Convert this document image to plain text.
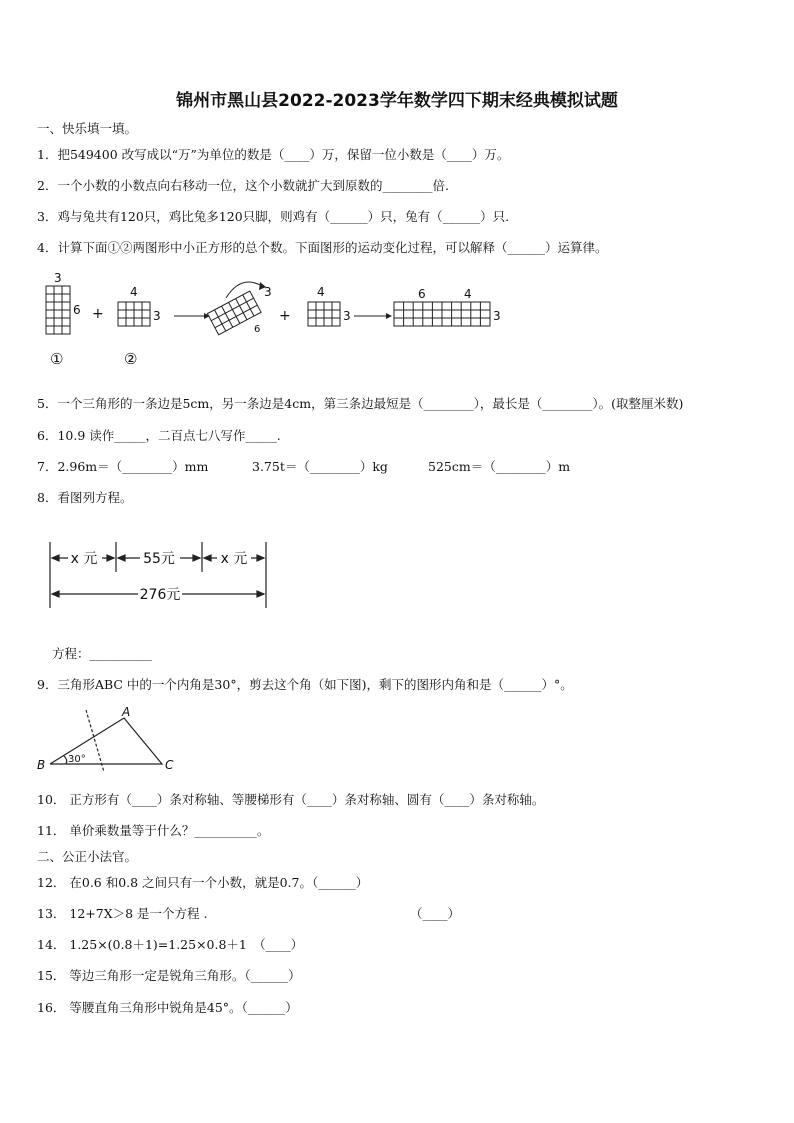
锦州市黑山县2022-2023学年数学四下期末经典模拟试题
一、快乐填一填。
1．把549400 改写成以“万”为单位的数是（____）万，保留一位小数是（____）万。
2．一个小数的小数点向右移动一位，这个小数就扩大到原数的________倍.
3．鸡与兔共有120只，鸡比兔多120只脚，则鸡有（______）只，兔有（______）只.
4．计算下面①②两图形中小正方形的总个数。下面图形的运动变化过程，可以解释（______）运算律。
3
6
①
+
4
3
②
3
6
+
4
3
6	4
3
5．一个三角形的一条边是5cm，另一条边是4cm，第三条边最短是（________），最长是（________）。(取整厘米数)
6．10.9 读作_____，二百点七八写作_____.
7．2.96m＝（________）mm	3.75t＝（________）kg	525cm＝（________）m
8．看图列方程。
x 元	55元	x 元
276元
方程：__________
9．三角形ABC 中的一个内角是30°，剪去这个角（如下图)，剩下的图形内角和是（______）°。
A
B	C
30°
10． 正方形有（____）条对称轴、等腰梯形有（____）条对称轴、圆有（____）条对称轴。
11． 单价乘数量等于什么？__________。
二、公正小法官。
12． 在0.6 和0.8 之间只有一个小数，就是0.7。（______）
13． 12+7X＞8 是一个方程 .	（____）
14． 1.25×(0.8＋1)=1.25×0.8＋1　（____）
15． 等边三角形一定是锐角三角形。（______）
16． 等腰直角三角形中锐角是45°。（______）
